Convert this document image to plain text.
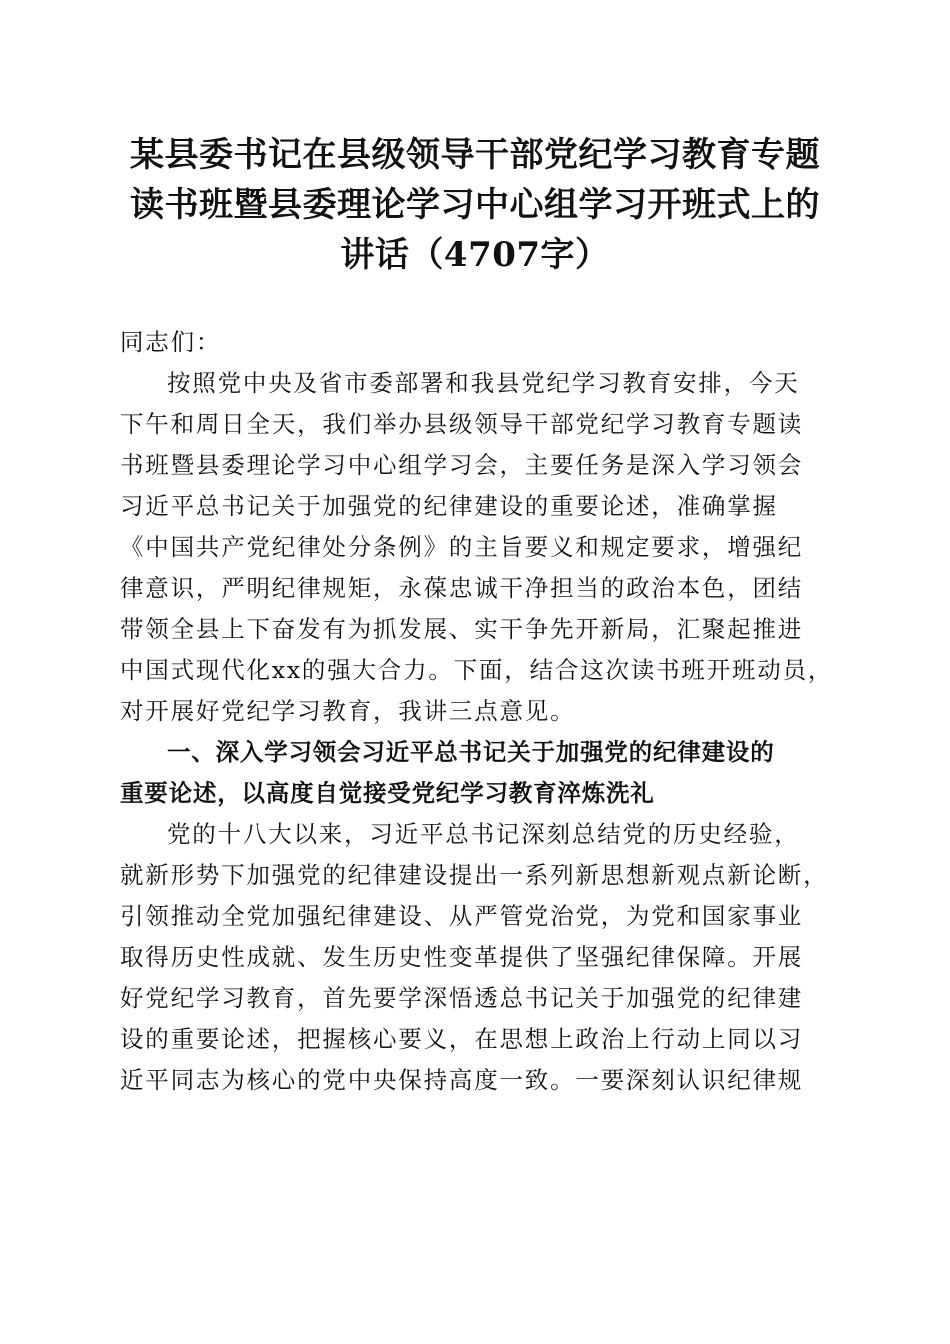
某县委书记在县级领导干部党纪学习教育专题
读书班暨县委理论学习中心组学习开班式上的
讲话（4707字）

同志们：

按照党中央及省市委部署和我县党纪学习教育安排，今天
下午和周日全天，我们举办县级领导干部党纪学习教育专题读
书班暨县委理论学习中心组学习会，主要任务是深入学习领会
习近平总书记关于加强党的纪律建设的重要论述，准确掌握
《中国共产党纪律处分条例》的主旨要义和规定要求，增强纪
律意识，严明纪律规矩，永葆忠诚干净担当的政治本色，团结
带领全县上下奋发有为抓发展、实干争先开新局，汇聚起推进
中国式现代化xx的强大合力。下面，结合这次读书班开班动员，
对开展好党纪学习教育，我讲三点意见。

一、深入学习领会习近平总书记关于加强党的纪律建设的
重要论述，以高度自觉接受党纪学习教育淬炼洗礼

党的十八大以来，习近平总书记深刻总结党的历史经验，
就新形势下加强党的纪律建设提出一系列新思想新观点新论断，
引领推动全党加强纪律建设、从严管党治党，为党和国家事业
取得历史性成就、发生历史性变革提供了坚强纪律保障。开展
好党纪学习教育，首先要学深悟透总书记关于加强党的纪律建
设的重要论述，把握核心要义，在思想上政治上行动上同以习
近平同志为核心的党中央保持高度一致。一要深刻认识纪律规
